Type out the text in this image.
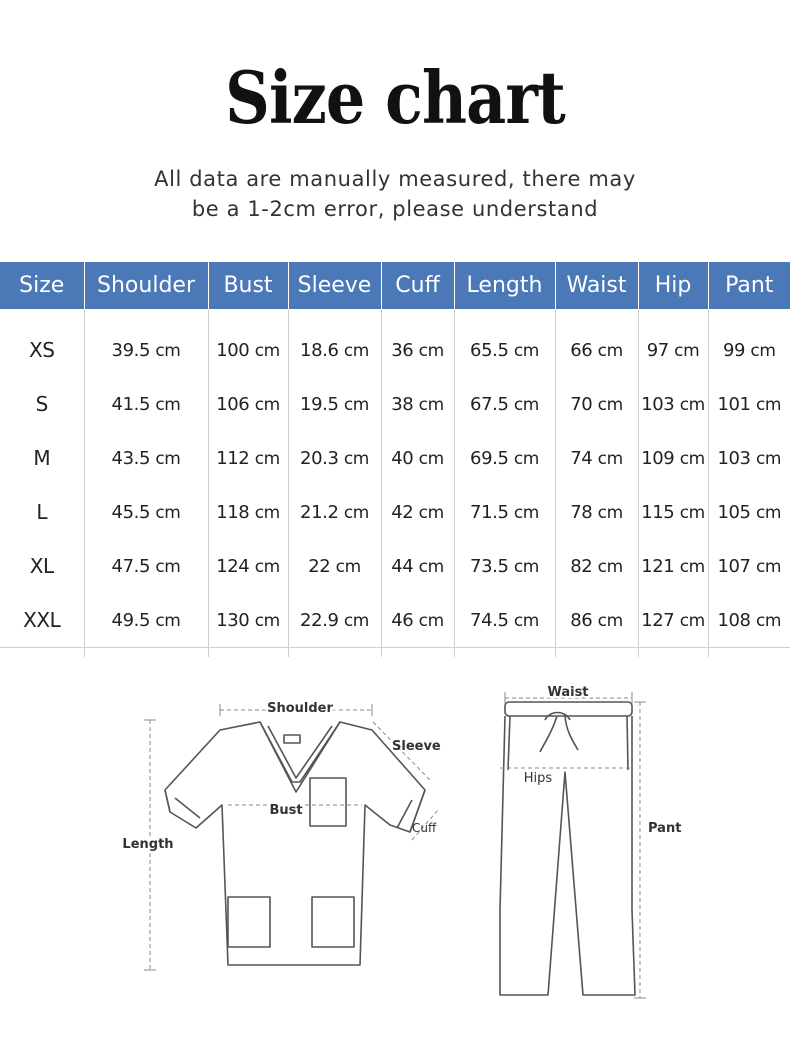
Size chart
All data are manually measured, there may
be a 1-2cm error, please understand
Size	Shoulder	Bust	Sleeve	Cuff	Length	Waist	Hip	Pant
XS	39.5 cm	100 cm	18.6 cm	36 cm	65.5 cm	66 cm	97 cm	99 cm
S	41.5 cm	106 cm	19.5 cm	38 cm	67.5 cm	70 cm	103 cm	101 cm
M	43.5 cm	112 cm	20.3 cm	40 cm	69.5 cm	74 cm	109 cm	103 cm
L	45.5 cm	118 cm	21.2 cm	42 cm	71.5 cm	78 cm	115 cm	105 cm
XL	47.5 cm	124 cm	22 cm	44 cm	73.5 cm	82 cm	121 cm	107 cm
XXL	49.5 cm	130 cm	22.9 cm	46 cm	74.5 cm	86 cm	127 cm	108 cm
Shoulder
Sleeve
Bust
Cuff
Length
Waist
Hips
Pant
